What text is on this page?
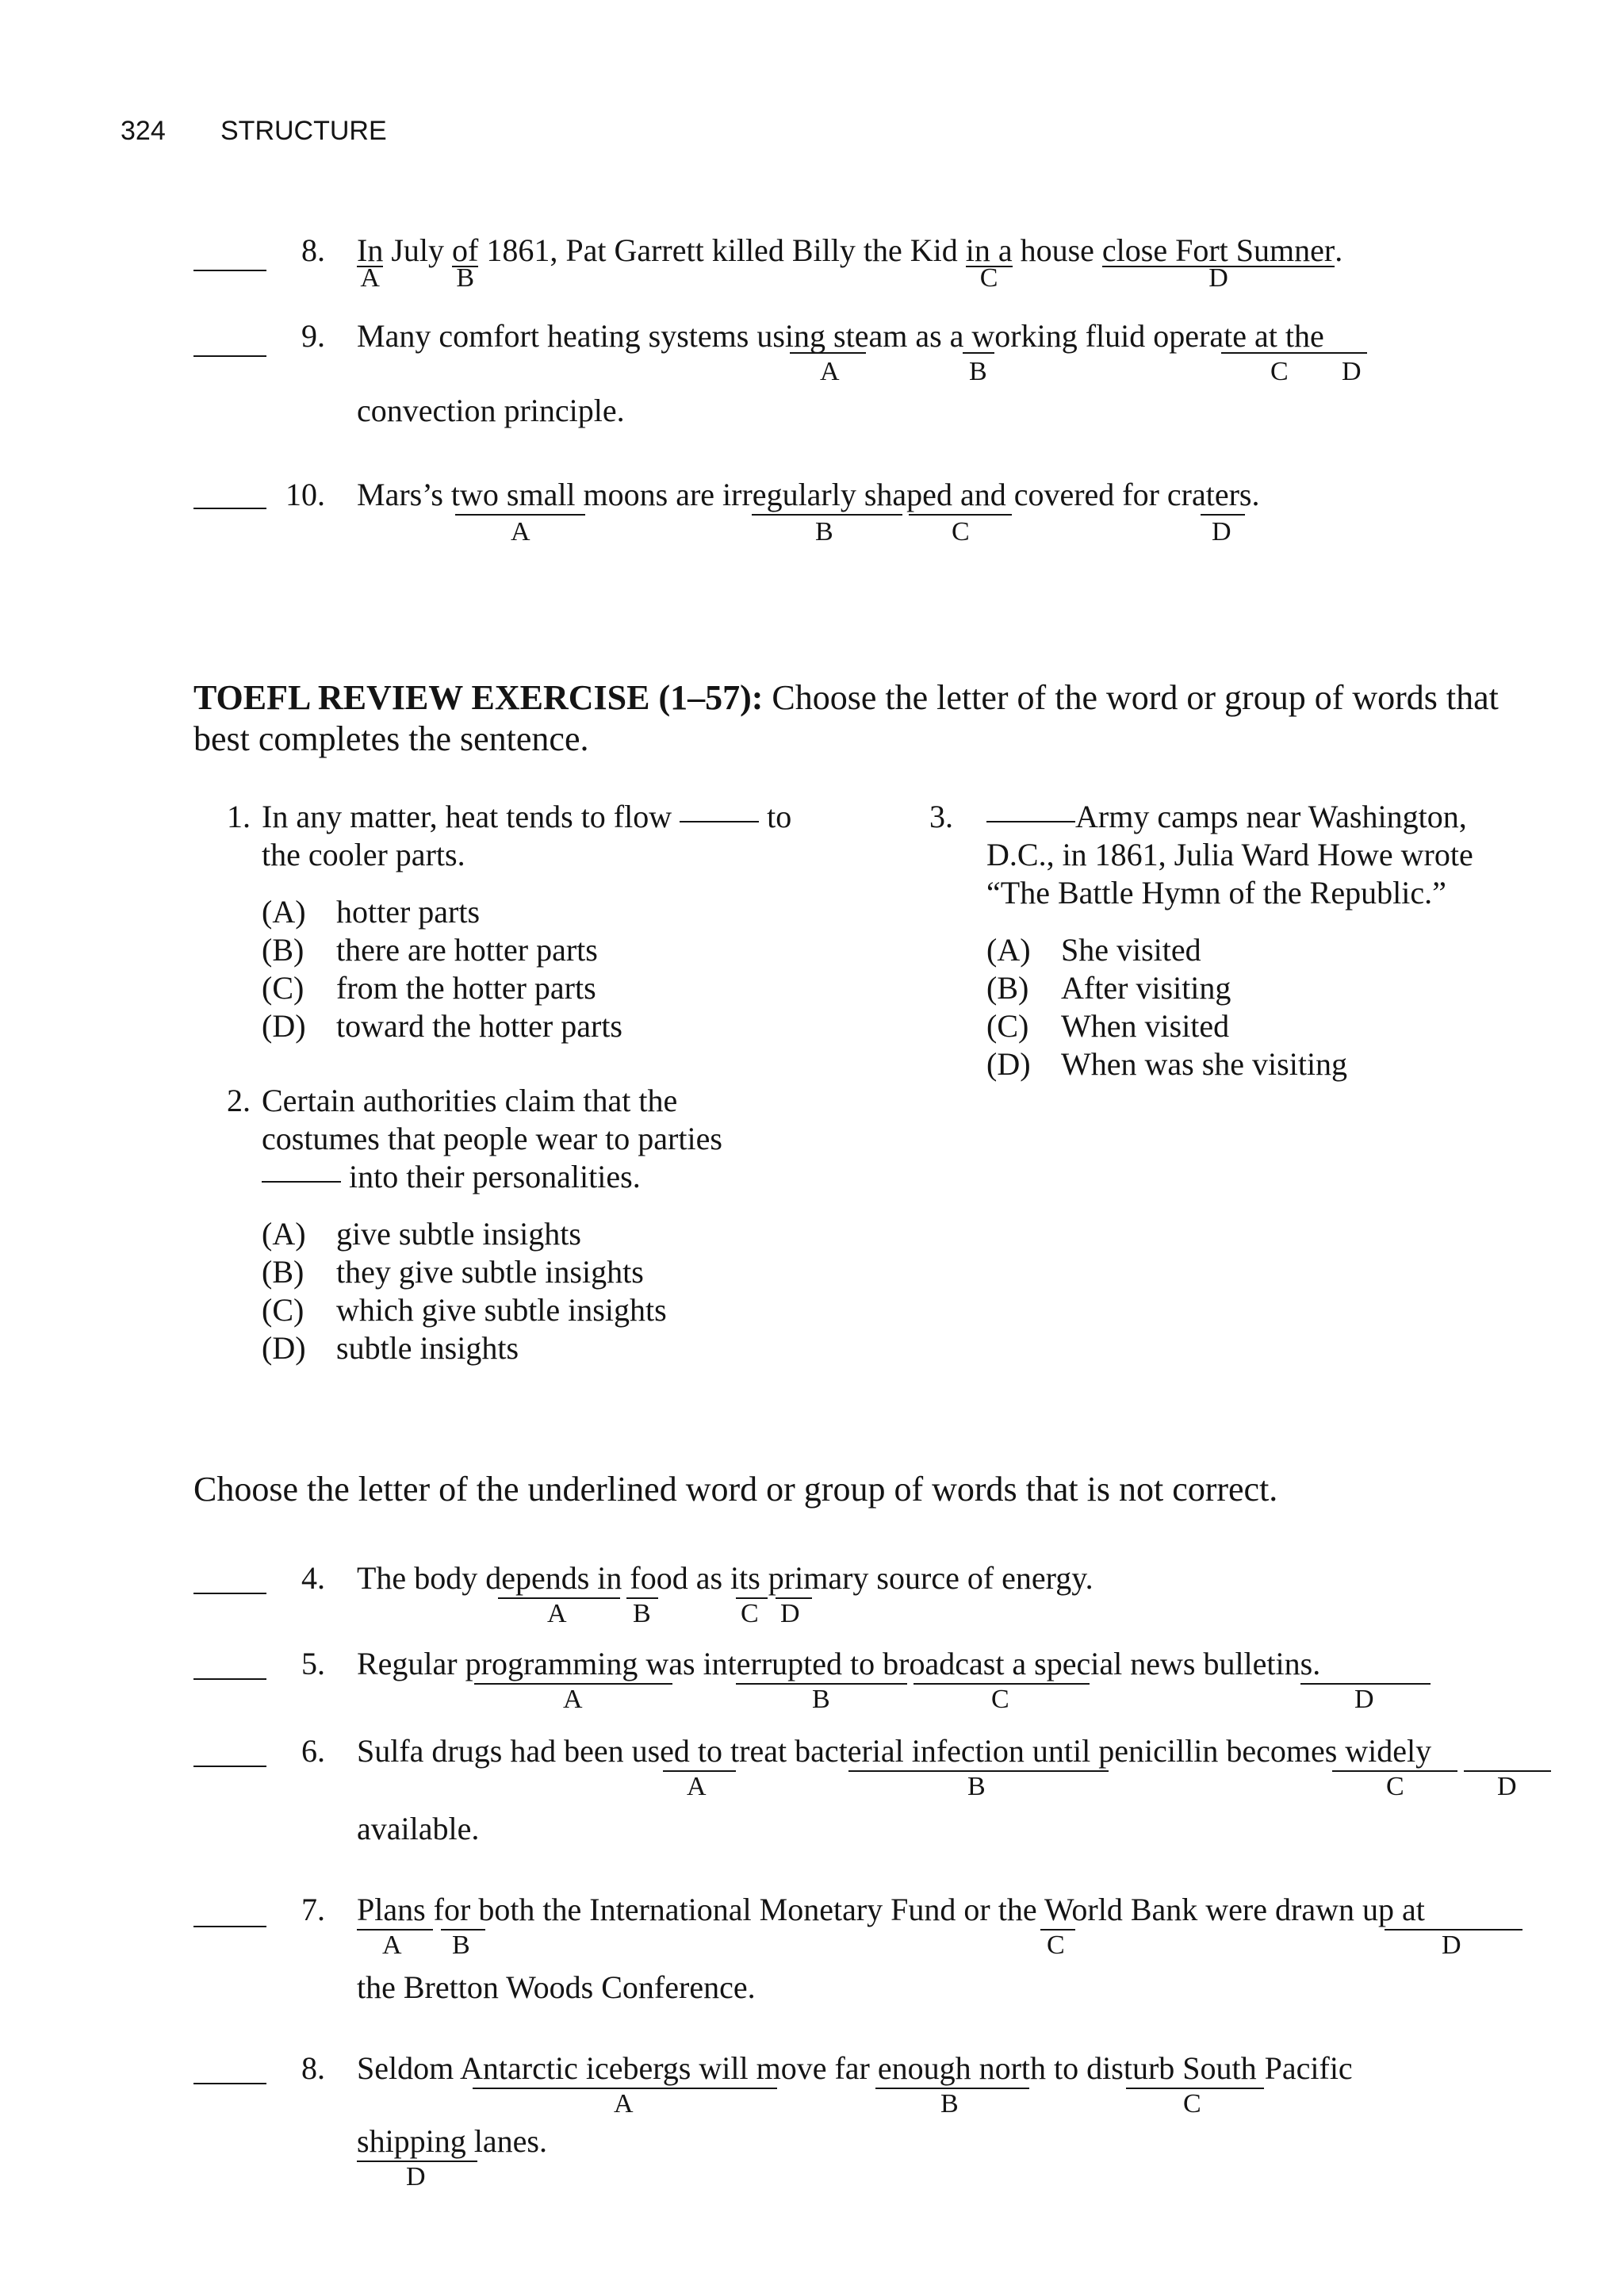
324 STRUCTURE
8. In
A
July of
B
1861, Pat Garrett killed Billy the Kid in a
C
house close Fort Sumner
D
.
9. Many comfort heating systems using steam as a working fluid operate at the
convection principle.
A	B	C D
10. Mars’s two small moons are irregularly shaped and covered for craters.
A	B	C	D
TOEFL REVIEW EXERCISE (1–57): Choose the letter of the word or group of words that
best completes the sentence.
1. In any matter, heat tends to flow	to
the cooler parts.
(A) hotter parts
(B) there are hotter parts
(C) from the hotter parts
(D) toward the hotter parts
2. Certain authorities claim that the
costumes that people wear to parties
into their personalities.
(A) give subtle insights
(B) they give subtle insights
(C) which give subtle insights
(D) subtle insights
3.	Army camps near Washington,
D.C., in 1861, Julia Ward Howe wrote
“The Battle Hymn of the Republic.”
(A) She visited
(B) After visiting
(C) When visited
(D) When was she visiting
Choose the letter of the underlined word or group of words that is not correct.
4. The body depends in food as its primary source of energy.
A B	C D
5. Regular programming was interrupted to broadcast a special news bulletins.
A	B	C	D
6. Sulfa drugs had been used to treat bacterial infection until penicillin becomes widely
available.
A	B	C	D
7. Plans for both the International Monetary Fund or the World Bank were drawn up at
the Bretton Woods Conference.
A B	C	D
8. Seldom Antarctic icebergs will move far enough north to disturb South Pacific
shipping lanes.
A	B	C
D
